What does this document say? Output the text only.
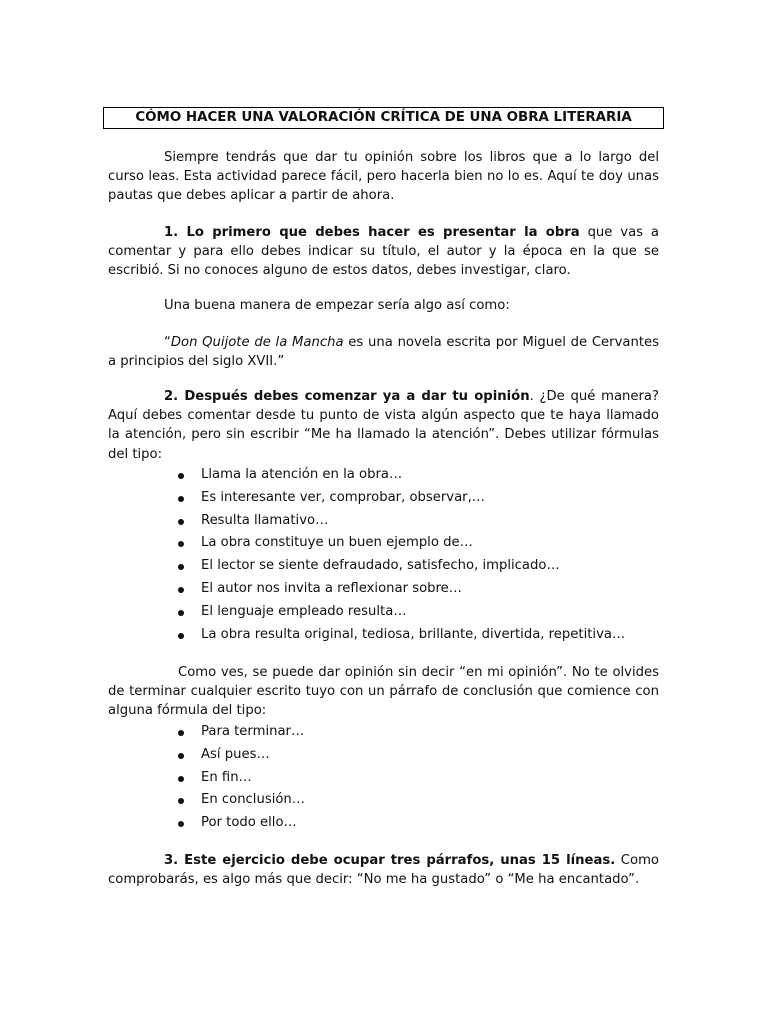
CÓMO HACER UNA VALORACIÓN CRÍTICA DE UNA OBRA LITERARIA

Siempre tendrás que dar tu opinión sobre los libros que a lo largo del curso leas. Esta actividad parece fácil, pero hacerla bien no lo es. Aquí te doy unas pautas que debes aplicar a partir de ahora.

1. Lo primero que debes hacer es presentar la obra que vas a comentar y para ello debes indicar su título, el autor y la época en la que se escribió. Si no conoces alguno de estos datos, debes investigar, claro.

Una buena manera de empezar sería algo así como:

“Don Quijote de la Mancha es una novela escrita por Miguel de Cervantes a principios del siglo XVII.”

2. Después debes comenzar ya a dar tu opinión. ¿De qué manera? Aquí debes comentar desde tu punto de vista algún aspecto que te haya llamado la atención, pero sin escribir “Me ha llamado la atención”. Debes utilizar fórmulas del tipo:

Llama la atención en la obra…
Es interesante ver, comprobar, observar,…
Resulta llamativo…
La obra constituye un buen ejemplo de…
El lector se siente defraudado, satisfecho, implicado…
El autor nos invita a reflexionar sobre…
El lenguaje empleado resulta…
La obra resulta original, tediosa, brillante, divertida, repetitiva…

Como ves, se puede dar opinión sin decir “en mi opinión”. No te olvides de terminar cualquier escrito tuyo con un párrafo de conclusión que comience con alguna fórmula del tipo:

Para terminar…
Así pues…
En fin…
En conclusión…
Por todo ello…

3. Este ejercicio debe ocupar tres párrafos, unas 15 líneas. Como comprobarás, es algo más que decir: “No me ha gustado” o “Me ha encantado”.
